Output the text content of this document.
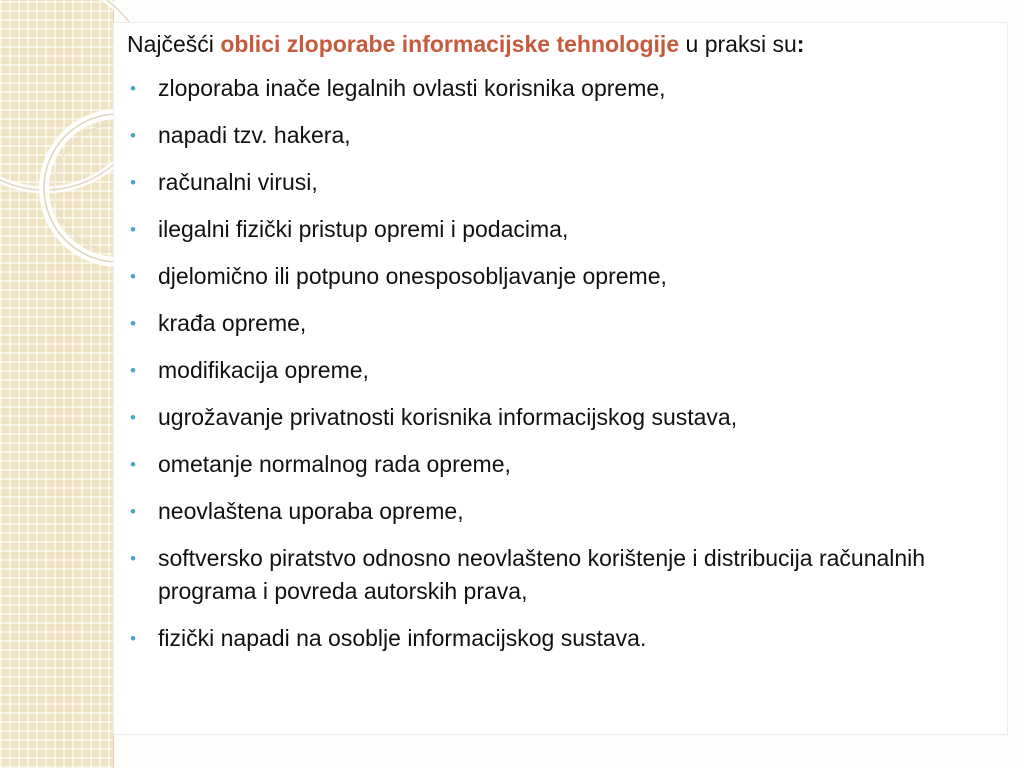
Najčešći oblici zloporabe informacijske tehnologije u praksi su:

• zloporaba inače legalnih ovlasti korisnika opreme,
• napadi tzv. hakera,
• računalni virusi,
• ilegalni fizički pristup opremi i podacima,
• djelomično ili potpuno onesposobljavanje opreme,
• krađa opreme,
• modifikacija opreme,
• ugrožavanje privatnosti korisnika informacijskog sustava,
• ometanje normalnog rada opreme,
• neovlaštena uporaba opreme,
• softversko piratstvo odnosno neovlašteno korištenje i distribucija računalnih programa i povreda autorskih prava,
• fizički napadi na osoblje informacijskog sustava.
